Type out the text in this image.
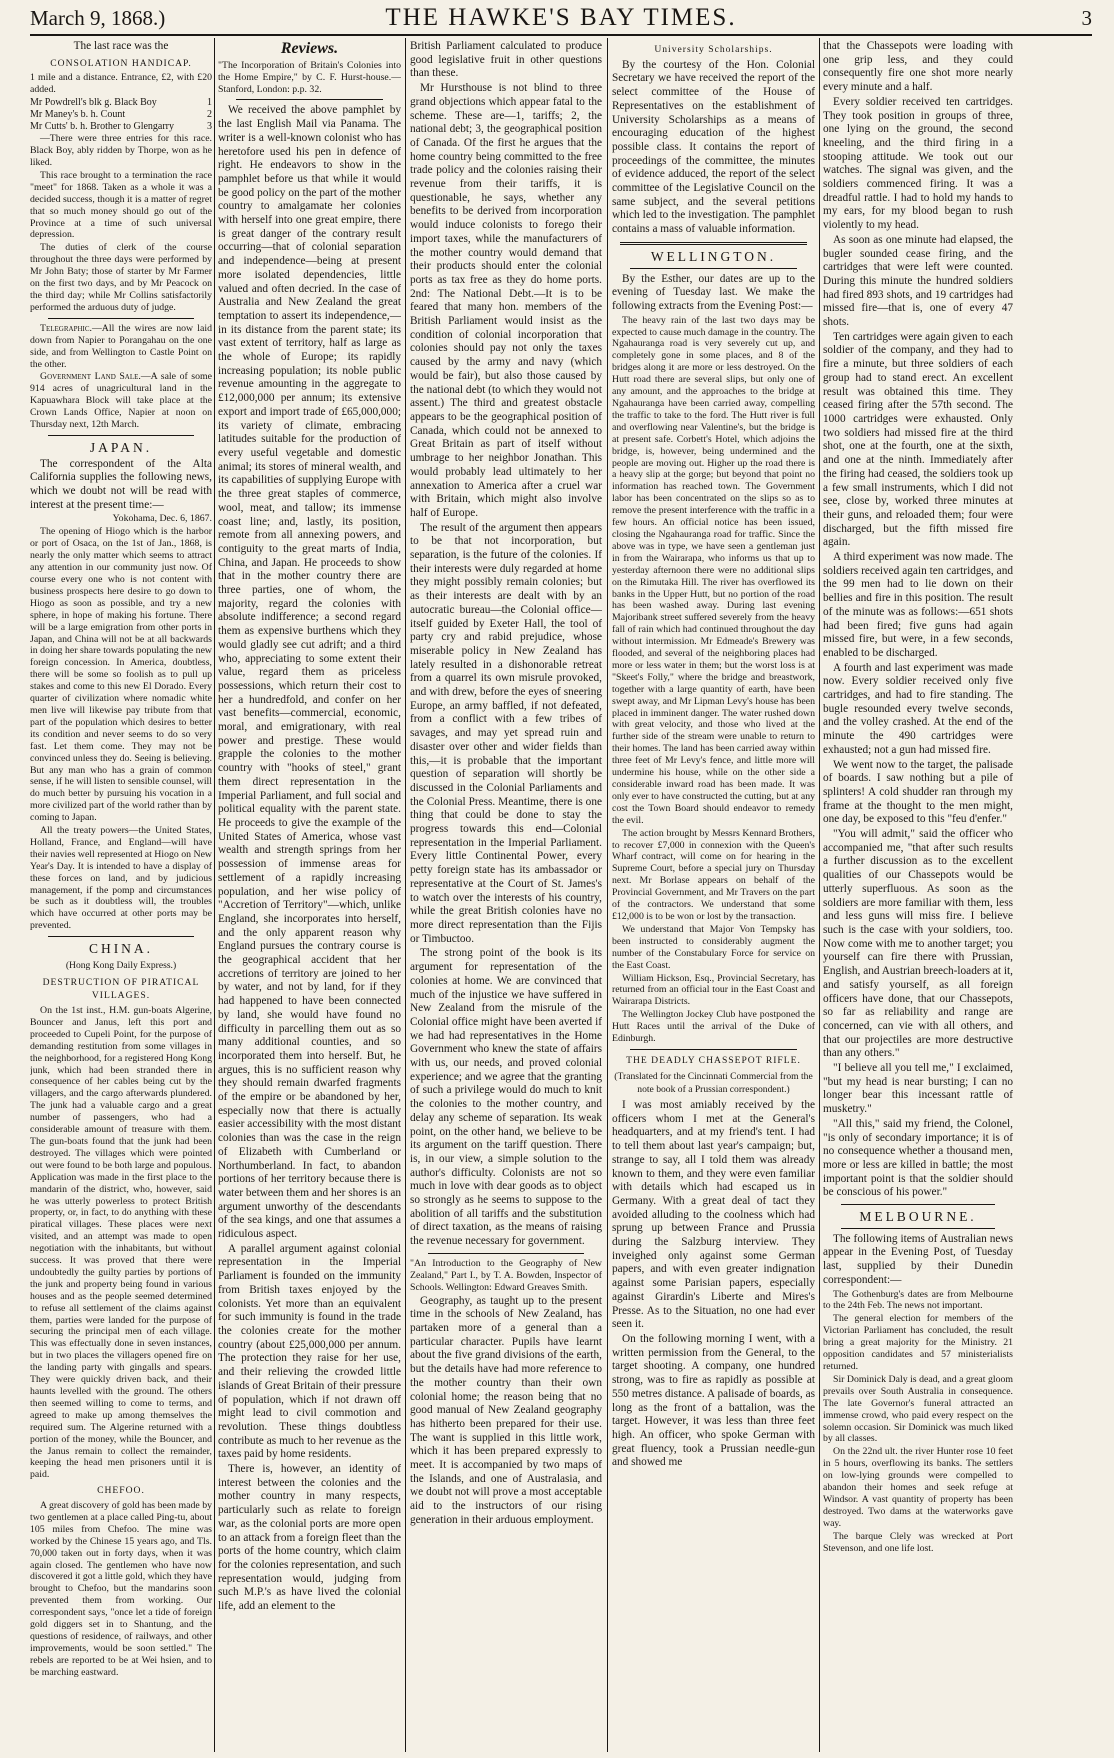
March 9, 1868.)	THE HAWKE'S BAY TIMES.	3

The last race was the

CONSOLATION HANDICAP.

1 mile and a distance. Entrance, £2, with £20 added.

1
Mr Powdrell's blk g. Black Boy
2
Mr Maney's b. h. Count
3
Mr Cutts' b. h. Brother to Glengarry

—There were three entries for this race. Black Boy, ably ridden by Thorpe, won as he liked.

This race brought to a termination the race "meet" for 1868. Taken as a whole it was a decided success, though it is a matter of regret that so much money should go out of the Province at a time of such universal depression.

The duties of clerk of the course throughout the three days were performed by Mr John Baty; those of starter by Mr Farmer on the first two days, and by Mr Peacock on the third day; while Mr Collins satisfactorily performed the arduous duty of judge.

Telegraphic.—All the wires are now laid down from Napier to Porangahau on the one side, and from Wellington to Castle Point on the other.

Government Land Sale.—A sale of some 914 acres of unagricultural land in the Kapuawhara Block will take place at the Crown Lands Office, Napier at noon on Thursday next, 12th March.

JAPAN.

The correspondent of the Alta California supplies the following news, which we doubt not will be read with interest at the present time:—

Yokohama, Dec. 6, 1867.

The opening of Hiogo which is the harbor or port of Osaca, on the 1st of Jan., 1868, is nearly the only matter which seems to attract any attention in our community just now. Of course every one who is not content with business prospects here desire to go down to Hiogo as soon as possible, and try a new sphere, in hope of making his fortune. There will be a large emigration from other ports in Japan, and China will not be at all backwards in doing her share towards populating the new foreign concession. In America, doubtless, there will be some so foolish as to pull up stakes and come to this new El Dorado. Every quarter of civilization where nomadic white men live will likewise pay tribute from that part of the population which desires to better its condition and never seems to do so very fast. Let them come. They may not be convinced unless they do. Seeing is believing. But any man who has a grain of common sense, if he will listen to sensible counsel, will do much better by pursuing his vocation in a more civilized part of the world rather than by coming to Japan.

All the treaty powers—the United States, Holland, France, and England—will have their navies well represented at Hiogo on New Year's Day. It is intended to have a display of these forces on land, and by judicious management, if the pomp and circumstances be such as it doubtless will, the troubles which have occurred at other ports may be prevented.

CHINA.
(Hong Kong Daily Express.)
DESTRUCTION OF PIRATICAL VILLAGES.

On the 1st inst., H.M. gun-boats Algerine, Bouncer and Janus, left this port and proceeded to Cupeli Point, for the purpose of demanding restitution from some villages in the neighborhood, for a registered Hong Kong junk, which had been stranded there in consequence of her cables being cut by the villagers, and the cargo afterwards plundered. The junk had a valuable cargo and a great number of passengers, who had a considerable amount of treasure with them. The gun-boats found that the junk had been destroyed. The villages which were pointed out were found to be both large and populous. Application was made in the first place to the mandarin of the district, who, however, said he was utterly powerless to protect British property, or, in fact, to do anything with these piratical villages. These places were next visited, and an attempt was made to open negotiation with the inhabitants, but without success. It was proved that there were undoubtedly the guilty parties by portions of the junk and property being found in various houses and as the people seemed determined to refuse all settlement of the claims against them, parties were landed for the purpose of securing the principal men of each village. This was effectually done in seven instances, but in two places the villagers opened fire on the landing party with gingalls and spears. They were quickly driven back, and their haunts levelled with the ground. The others then seemed willing to come to terms, and agreed to make up among themselves the required sum. The Algerine returned with a portion of the money, while the Bouncer, and the Janus remain to collect the remainder, keeping the head men prisoners until it is paid.

CHEFOO.

A great discovery of gold has been made by two gentlemen at a place called Ping-tu, about 105 miles from Chefoo. The mine was worked by the Chinese 15 years ago, and Tls. 70,000 taken out in forty days, when it was again closed. The gentlemen who have now discovered it got a little gold, which they have brought to Chefoo, but the mandarins soon prevented them from working. Our correspondent says, "once let a tide of foreign gold diggers set in to Shantung, and the questions of residence, of railways, and other improvements, would be soon settled." The rebels are reported to be at Wei hsien, and to be marching eastward.

Reviews.

"The Incorporation of Britain's Colonies into the Home Empire," by C. F. Hurst-house.—Stanford, London: p.p. 32.

We received the above pamphlet by the last English Mail via Panama. The writer is a well-known colonist who has heretofore used his pen in defence of right. He endeavors to show in the pamphlet before us that while it would be good policy on the part of the mother country to amalgamate her colonies with herself into one great empire, there is great danger of the contrary result occurring—that of colonial separation and independence—being at present more isolated dependencies, little valued and often decried. In the case of Australia and New Zealand the great temptation to assert its independence,—in its distance from the parent state; its vast extent of territory, half as large as the whole of Europe; its rapidly increasing population; its noble public revenue amounting in the aggregate to £12,000,000 per annum; its extensive export and import trade of £65,000,000; its variety of climate, embracing latitudes suitable for the production of every useful vegetable and domestic animal; its stores of mineral wealth, and its capabilities of supplying Europe with the three great staples of commerce, wool, meat, and tallow; its immense coast line; and, lastly, its position, remote from all annexing powers, and contiguity to the great marts of India, China, and Japan. He proceeds to show that in the mother country there are three parties, one of whom, the majority, regard the colonies with absolute indifference; a second regard them as expensive burthens which they would gladly see cut adrift; and a third who, appreciating to some extent their value, regard them as priceless possessions, which return their cost to her a hundredfold, and confer on her vast benefits—commercial, economic, moral, and emigrationary, with real power and prestige. These would grapple the colonies to the mother country with "hooks of steel," grant them direct representation in the Imperial Parliament, and full social and political equality with the parent state. He proceeds to give the example of the United States of America, whose vast wealth and strength springs from her possession of immense areas for settlement of a rapidly increasing population, and her wise policy of "Accretion of Territory"—which, unlike England, she incorporates into herself, and the only apparent reason why England pursues the contrary course is the geographical accident that her accretions of territory are joined to her by water, and not by land, for if they had happened to have been connected by land, she would have found no difficulty in parcelling them out as so many additional counties, and so incorporated them into herself. But, he argues, this is no sufficient reason why they should remain dwarfed fragments of the empire or be abandoned by her, especially now that there is actually easier accessibility with the most distant colonies than was the case in the reign of Elizabeth with Cumberland or Northumberland. In fact, to abandon portions of her territory because there is water between them and her shores is an argument unworthy of the descendants of the sea kings, and one that assumes a ridiculous aspect.

A parallel argument against colonial representation in the Imperial Parliament is founded on the immunity from British taxes enjoyed by the colonists. Yet more than an equivalent for such immunity is found in the trade the colonies create for the mother country (about £25,000,000 per annum. The protection they raise for her use, and their relieving the crowded little islands of Great Britain of their pressure of population, which if not drawn off might lead to civil commotion and revolution. These things doubtless contribute as much to her revenue as the taxes paid by home residents.

There is, however, an identity of interest between the colonies and the mother country in many respects, particularly such as relate to foreign war, as the colonial ports are more open to an attack from a foreign fleet than the ports of the home country, which claim for the colonies representation, and such representation would, judging from such M.P.'s as have lived the colonial life, add an element to the

British Parliament calculated to produce good legislative fruit in other questions than these.

Mr Hursthouse is not blind to three grand objections which appear fatal to the scheme. These are—1, tariffs; 2, the national debt; 3, the geographical position of Canada. Of the first he argues that the home country being committed to the free trade policy and the colonies raising their revenue from their tariffs, it is questionable, he says, whether any benefits to be derived from incorporation would induce colonists to forego their import taxes, while the manufacturers of the mother country would demand that their products should enter the colonial ports as tax free as they do home ports. 2nd: The National Debt.—It is to be feared that many hon. members of the British Parliament would insist as the condition of colonial incorporation that colonies should pay not only the taxes caused by the army and navy (which would be fair), but also those caused by the national debt (to which they would not assent.) The third and greatest obstacle appears to be the geographical position of Canada, which could not be annexed to Great Britain as part of itself without umbrage to her neighbor Jonathan. This would probably lead ultimately to her annexation to America after a cruel war with Britain, which might also involve half of Europe.

The result of the argument then appears to be that not incorporation, but separation, is the future of the colonies. If their interests were duly regarded at home they might possibly remain colonies; but as their interests are dealt with by an autocratic bureau—the Colonial office—itself guided by Exeter Hall, the tool of party cry and rabid prejudice, whose miserable policy in New Zealand has lately resulted in a dishonorable retreat from a quarrel its own misrule provoked, and with drew, before the eyes of sneering Europe, an army baffled, if not defeated, from a conflict with a few tribes of savages, and may yet spread ruin and disaster over other and wider fields than this,—it is probable that the important question of separation will shortly be discussed in the Colonial Parliaments and the Colonial Press. Meantime, there is one thing that could be done to stay the progress towards this end—Colonial representation in the Imperial Parliament. Every little Continental Power, every petty foreign state has its ambassador or representative at the Court of St. James's to watch over the interests of his country, while the great British colonies have no more direct representation than the Fijis or Timbuctoo.

The strong point of the book is its argument for representation of the colonies at home. We are convinced that much of the injustice we have suffered in New Zealand from the misrule of the Colonial office might have been averted if we had had representatives in the Home Government who knew the state of affairs with us, our needs, and proved colonial experience; and we agree that the granting of such a privilege would do much to knit the colonies to the mother country, and delay any scheme of separation. Its weak point, on the other hand, we believe to be its argument on the tariff question. There is, in our view, a simple solution to the author's difficulty. Colonists are not so much in love with dear goods as to object so strongly as he seems to suppose to the abolition of all tariffs and the substitution of direct taxation, as the means of raising the revenue necessary for government.

"An Introduction to the Geography of New Zealand," Part I., by T. A. Bowden, Inspector of Schools. Wellington: Edward Greaves Smith.

Geography, as taught up to the present time in the schools of New Zealand, has partaken more of a general than a particular character. Pupils have learnt about the five grand divisions of the earth, but the details have had more reference to the mother country than their own colonial home; the reason being that no good manual of New Zealand geography has hitherto been prepared for their use. The want is supplied in this little work, which it has been prepared expressly to meet. It is accompanied by two maps of the Islands, and one of Australasia, and we doubt not will prove a most acceptable aid to the instructors of our rising generation in their arduous employment.

University Scholarships.

By the courtesy of the Hon. Colonial Secretary we have received the report of the select committee of the House of Representatives on the establishment of University Scholarships as a means of encouraging education of the highest possible class. It contains the report of proceedings of the committee, the minutes of evidence adduced, the report of the select committee of the Legislative Council on the same subject, and the several petitions which led to the investigation. The pamphlet contains a mass of valuable information.

WELLINGTON.

By the Esther, our dates are up to the evening of Tuesday last. We make the following extracts from the Evening Post:—

The heavy rain of the last two days may be expected to cause much damage in the country. The Ngahauranga road is very severely cut up, and completely gone in some places, and 8 of the bridges along it are more or less destroyed. On the Hutt road there are several slips, but only one of any amount, and the approaches to the bridge at Ngahauranga have been carried away, compelling the traffic to take to the ford. The Hutt river is full and overflowing near Valentine's, but the bridge is at present safe. Corbett's Hotel, which adjoins the bridge, is, however, being undermined and the people are moving out. Higher up the road there is a heavy slip at the gorge; but beyond that point no information has reached town. The Government labor has been concentrated on the slips so as to remove the present interference with the traffic in a few hours. An official notice has been issued, closing the Ngahauranga road for traffic. Since the above was in type, we have seen a gentleman just in from the Wairarapa, who informs us that up to yesterday afternoon there were no additional slips on the Rimutaka Hill. The river has overflowed its banks in the Upper Hutt, but no portion of the road has been washed away. During last evening Majoribank street suffered severely from the heavy fall of rain which had continued throughout the day without intermission. Mr Edmeade's Brewery was flooded, and several of the neighboring places had more or less water in them; but the worst loss is at "Skeet's Folly," where the bridge and breastwork, together with a large quantity of earth, have been swept away, and Mr Lipman Levy's house has been placed in imminent danger. The water rushed down with great velocity, and those who lived at the further side of the stream were unable to return to their homes. The land has been carried away within three feet of Mr Levy's fence, and little more will undermine his house, while on the other side a considerable inward road has been made. It was only ever to have constructed the cutting, but at any cost the Town Board should endeavor to remedy the evil.

The action brought by Messrs Kennard Brothers, to recover £7,000 in connexion with the Queen's Wharf contract, will come on for hearing in the Supreme Court, before a special jury on Thursday next. Mr Borlase appears on behalf of the Provincial Government, and Mr Travers on the part of the contractors. We understand that some £12,000 is to be won or lost by the transaction.

We understand that Major Von Tempsky has been instructed to considerably augment the number of the Constabulary Force for service on the East Coast.

William Hickson, Esq., Provincial Secretary, has returned from an official tour in the East Coast and Wairarapa Districts.

The Wellington Jockey Club have postponed the Hutt Races until the arrival of the Duke of Edinburgh.

THE DEADLY CHASSEPOT RIFLE.
(Translated for the Cincinnati Commercial from the note book of a Prussian correspondent.)

I was most amiably received by the officers whom I met at the General's headquarters, and at my friend's tent. I had to tell them about last year's campaign; but, strange to say, all I told them was already known to them, and they were even familiar with details which had escaped us in Germany. With a great deal of tact they avoided alluding to the coolness which had sprung up between France and Prussia during the Salzburg interview. They inveighed only against some German papers, and with even greater indignation against some Parisian papers, especially against Girardin's Liberte and Mires's Presse. As to the Situation, no one had ever seen it.

On the following morning I went, with a written permission from the General, to the target shooting. A company, one hundred strong, was to fire as rapidly as possible at 550 metres distance. A palisade of boards, as long as the front of a battalion, was the target. However, it was less than three feet high. An officer, who spoke German with great fluency, took a Prussian needle-gun and showed me

that the Chassepots were loading with one grip less, and they could consequently fire one shot more nearly every minute and a half.

Every soldier received ten cartridges. They took position in groups of three, one lying on the ground, the second kneeling, and the third firing in a stooping attitude. We took out our watches. The signal was given, and the soldiers commenced firing. It was a dreadful rattle. I had to hold my hands to my ears, for my blood began to rush violently to my head.

As soon as one minute had elapsed, the bugler sounded cease firing, and the cartridges that were left were counted. During this minute the hundred soldiers had fired 893 shots, and 19 cartridges had missed fire—that is, one of every 47 shots.

Ten cartridges were again given to each soldier of the company, and they had to fire a minute, but three soldiers of each group had to stand erect. An excellent result was obtained this time. They ceased firing after the 57th second. The 1000 cartridges were exhausted. Only two soldiers had missed fire at the third shot, one at the fourth, one at the sixth, and one at the ninth. Immediately after the firing had ceased, the soldiers took up a few small instruments, which I did not see, close by, worked three minutes at their guns, and reloaded them; four were discharged, but the fifth missed fire again.

A third experiment was now made. The soldiers received again ten cartridges, and the 99 men had to lie down on their bellies and fire in this position. The result of the minute was as follows:—651 shots had been fired; five guns had again missed fire, but were, in a few seconds, enabled to be discharged.

A fourth and last experiment was made now. Every soldier received only five cartridges, and had to fire standing. The bugle resounded every twelve seconds, and the volley crashed. At the end of the minute the 490 cartridges were exhausted; not a gun had missed fire.

We went now to the target, the palisade of boards. I saw nothing but a pile of splinters! A cold shudder ran through my frame at the thought to the men might, one day, be exposed to this "feu d'enfer."

"You will admit," said the officer who accompanied me, "that after such results a further discussion as to the excellent qualities of our Chassepots would be utterly superfluous. As soon as the soldiers are more familiar with them, less and less guns will miss fire. I believe such is the case with your soldiers, too. Now come with me to another target; you yourself can fire there with Prussian, English, and Austrian breech-loaders at it, and satisfy yourself, as all foreign officers have done, that our Chassepots, so far as reliability and range are concerned, can vie with all others, and that our projectiles are more destructive than any others."

"I believe all you tell me," I exclaimed, "but my head is near bursting; I can no longer bear this incessant rattle of musketry."

"All this," said my friend, the Colonel, "is only of secondary importance; it is of no consequence whether a thousand men, more or less are killed in battle; the most important point is that the soldier should be conscious of his power."

MELBOURNE.

The following items of Australian news appear in the Evening Post, of Tuesday last, supplied by their Dunedin correspondent:—

The Gothenburg's dates are from Melbourne to the 24th Feb. The news not important.

The general election for members of the Victorian Parliament has concluded, the result bring a great majority for the Ministry. 21 opposition candidates and 57 ministerialists returned.

Sir Dominick Daly is dead, and a great gloom prevails over South Australia in consequence. The late Governor's funeral attracted an immense crowd, who paid every respect on the solemn occasion. Sir Dominick was much liked by all classes.

On the 22nd ult. the river Hunter rose 10 feet in 5 hours, overflowing its banks. The settlers on low-lying grounds were compelled to abandon their homes and seek refuge at Windsor. A vast quantity of property has been destroyed. Two dams at the waterworks gave way.

The barque Clely was wrecked at Port Stevenson, and one life lost.
